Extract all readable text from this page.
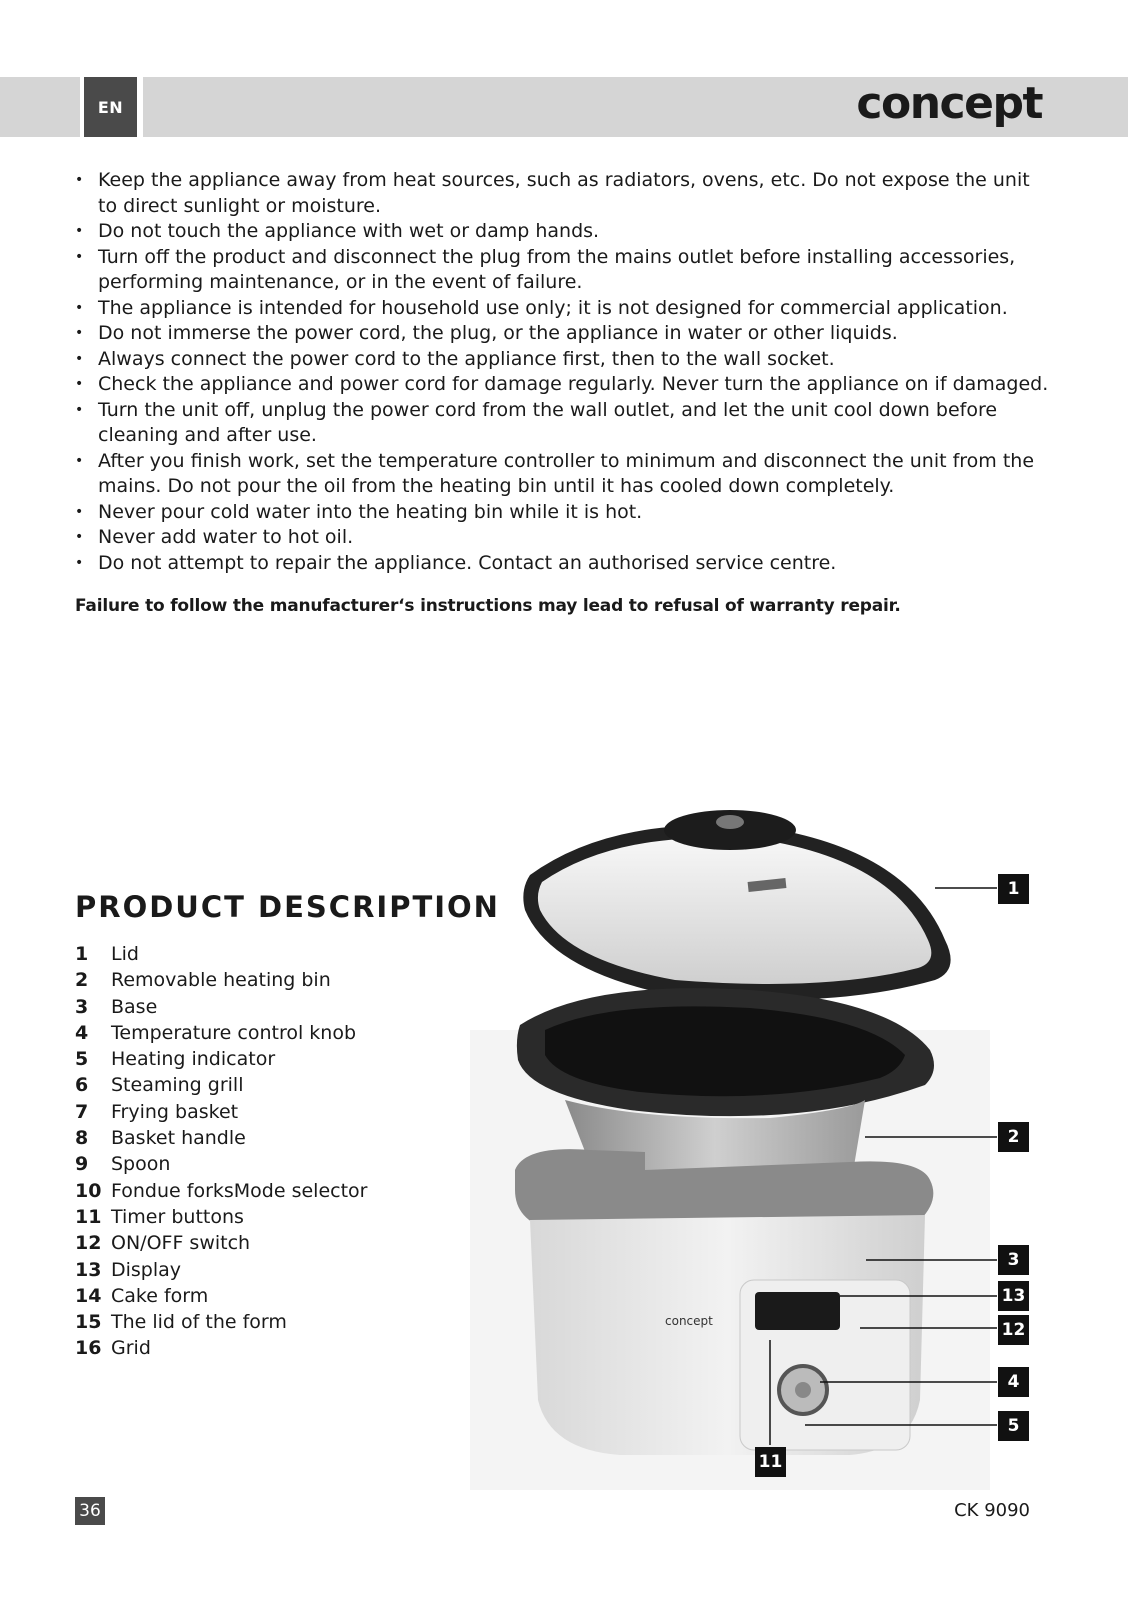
EN	concept
• Keep the appliance away from heat sources, such as radiators, ovens, etc. Do not expose the unit to direct sunlight or moisture.
• Do not touch the appliance with wet or damp hands.
• Turn off the product and disconnect the plug from the mains outlet before installing accessories, performing maintenance, or in the event of failure.
• The appliance is intended for household use only; it is not designed for commercial application.
• Do not immerse the power cord, the plug, or the appliance in water or other liquids.
• Always connect the power cord to the appliance first, then to the wall socket.
• Check the appliance and power cord for damage regularly. Never turn the appliance on if damaged.
• Turn the unit off, unplug the power cord from the wall outlet, and let the unit cool down before cleaning and after use.
• After you finish work, set the temperature controller to minimum and disconnect the unit from the mains. Do not pour the oil from the heating bin until it has cooled down completely.
• Never pour cold water into the heating bin while it is hot.
• Never add water to hot oil.
• Do not attempt to repair the appliance. Contact an authorised service centre.
Failure to follow the manufacturer‘s instructions may lead to refusal of warranty repair.
PRODUCT DESCRIPTION
1	Lid
2	Removable heating bin
3	Base
4	Temperature control knob
5	Heating indicator
6	Steaming grill
7	Frying basket
8	Basket handle
9	Spoon
10 Fondue forksMode selector
11 Timer buttons
12 ON/OFF switch
13 Display
14 Cake form
15 The lid of the form
16 Grid
concept
1
2
3
13
12
4
5
11
36	CK 9090
